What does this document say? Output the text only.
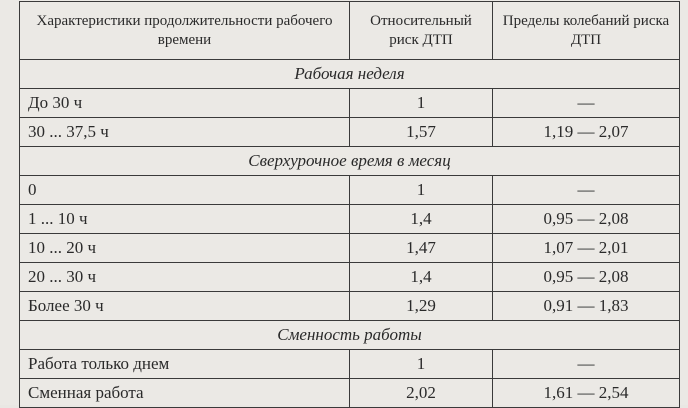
Характеристики продолжительности рабочего времени	Относительный риск ДТП	Пределы колебаний риска ДТП
Рабочая неделя		
До 30 ч	1	—
30 ... 37,5 ч	1,57	1,19 — 2,07
Сверхурочное время в месяц		
0	1	—
1 ... 10 ч	1,4	0,95 — 2,08
10 ... 20 ч	1,47	1,07 — 2,01
20 ... 30 ч	1,4	0,95 — 2,08
Более 30 ч	1,29	0,91 — 1,83
Сменность работы		
Работа только днем	1	—
Сменная работа	2,02	1,61 — 2,54
